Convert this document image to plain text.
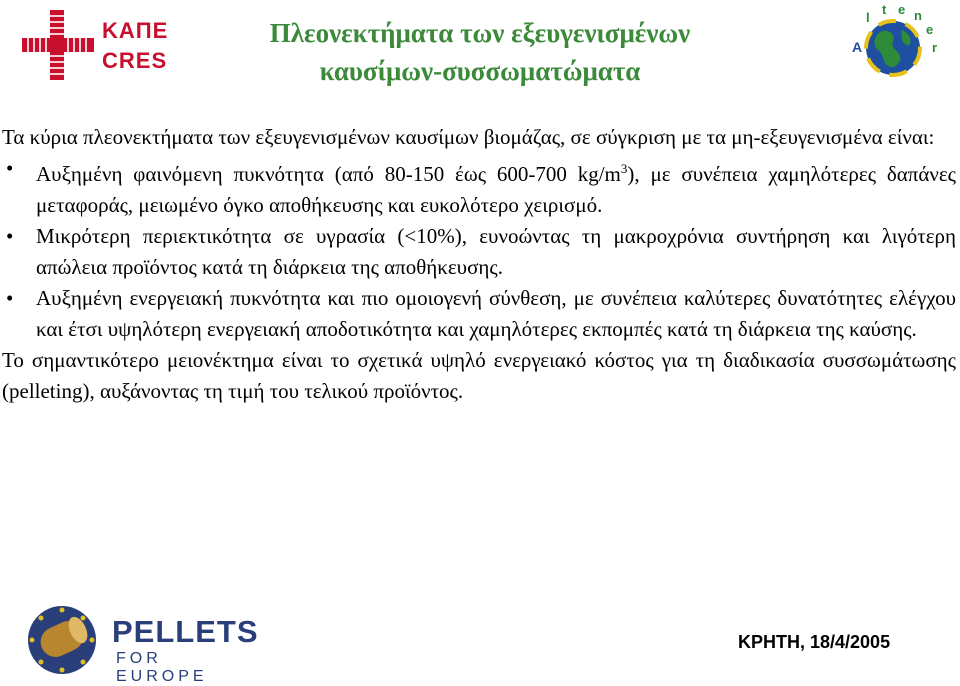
ΚΑΠΕ
CRES
Πλεονεκτήματα των εξευγενισμένων
καυσίμων-συσσωματώματα
A
l
t e n
e
r

Τα κύρια πλεονεκτήματα των εξευγενισμένων καυσίμων βιομάζας, σε σύγκριση με τα μη-εξευγενισμένα είναι:

• Αυξημένη φαινόμενη πυκνότητα (από 80-150 έως 600-700 $kg/m^3$), με συνέπεια χαμηλότερες δαπάνες μεταφοράς, μειωμένο όγκο αποθήκευσης και ευκολότερο χειρισμό.
• Μικρότερη περιεκτικότητα σε υγρασία (<10%), ευνοώντας τη μακροχρόνια συντήρηση και λιγότερη απώλεια προϊόντος κατά τη διάρκεια της αποθήκευσης.
• Αυξημένη ενεργειακή πυκνότητα και πιο ομοιογενή σύνθεση, με συνέπεια καλύτερες δυνατότητες ελέγχου και έτσι υψηλότερη ενεργειακή αποδοτικότητα και χαμηλότερες εκπομπές κατά τη διάρκεια της καύσης.

Το σημαντικότερο μειονέκτημα είναι το σχετικά υψηλό ενεργειακό κόστος για τη διαδικασία συσσωμάτωσης (pelleting), αυξάνοντας τη τιμή του τελικού προϊόντος.

PELLETS
FOR EUROPE
ΚΡΗΤΗ, 18/4/2005
